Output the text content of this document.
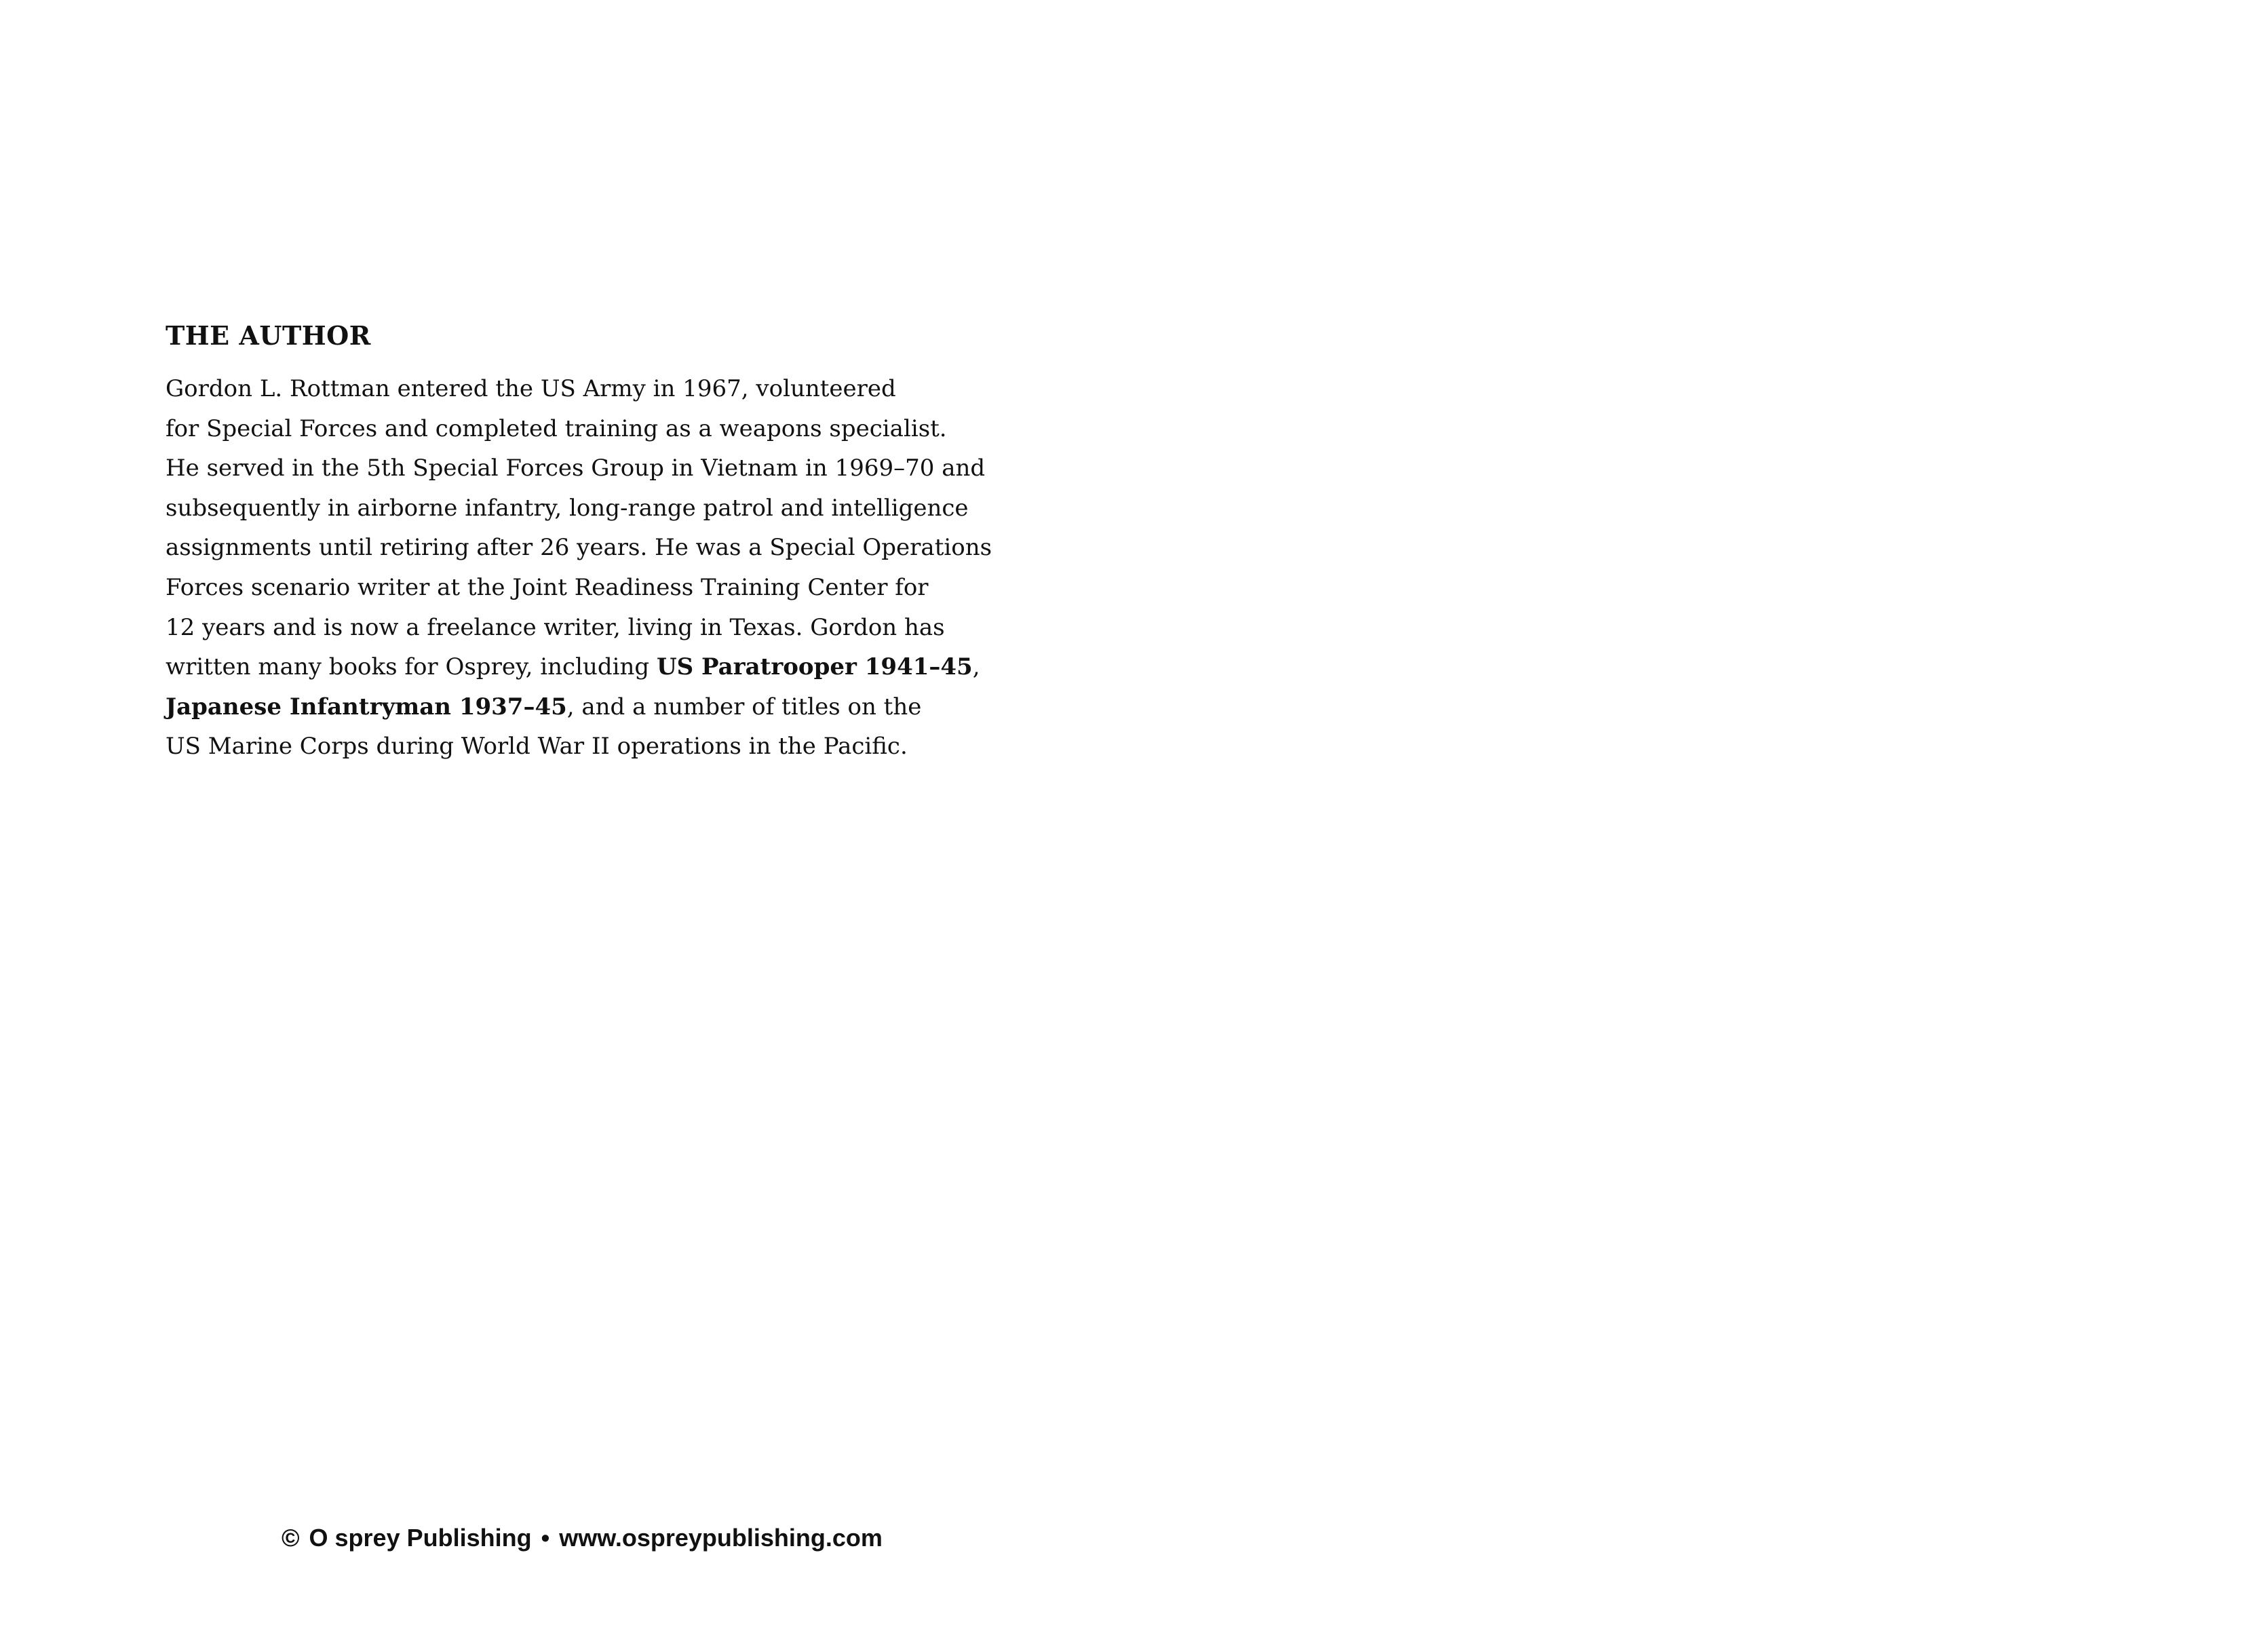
THE AUTHOR
Gordon L. Rottman entered the US Army in 1967, volunteered
for Special Forces and completed training as a weapons specialist.
He served in the 5th Special Forces Group in Vietnam in 1969–70 and
subsequently in airborne infantry, long-range patrol and intelligence
assignments until retiring after 26 years. He was a Special Operations
Forces scenario writer at the Joint Readiness Training Center for
12 years and is now a freelance writer, living in Texas. Gordon has
written many books for Osprey, including US Paratrooper 1941–45,
Japanese Infantryman 1937–45, and a number of titles on the
US Marine Corps during World War II operations in the Pacific.
© O sprey Publishing • www.ospreypublishing.com
